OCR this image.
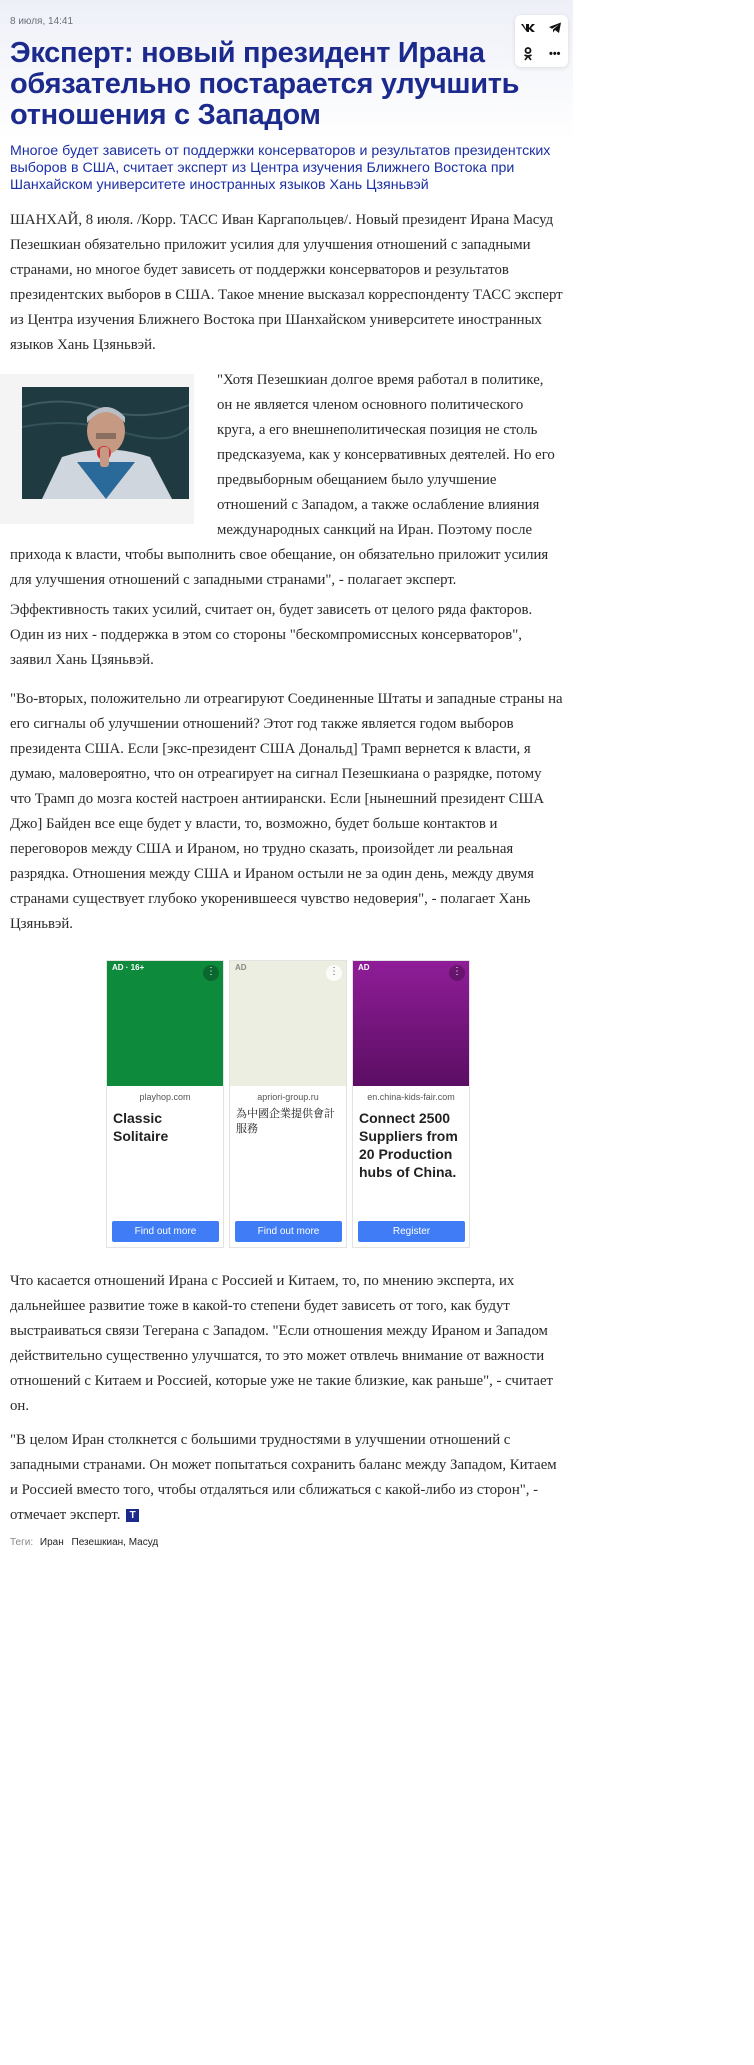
8 июля, 14:41
•••
Эксперт: новый президент Ирана обязательно постарается улучшить отношения с Западом
Многое будет зависеть от поддержки консерваторов и результатов президентских выборов в США, считает эксперт из Центра изучения Ближнего Востока при Шанхайском университете иностранных языков Хань Цзяньвэй
ШАНХАЙ, 8 июля. /Корр. ТАСС Иван Каргапольцев/. Новый президент Ирана Масуд Пезешкиан обязательно приложит усилия для улучшения отношений с западными странами, но многое будет зависеть от поддержки консерваторов и результатов президентских выборов в США. Такое мнение высказал корреспонденту ТАСС эксперт из Центра изучения Ближнего Востока при Шанхайском университете иностранных языков Хань Цзяньвэй.
"Хотя Пезешкиан долгое время работал в политике, он не является членом основного политического круга, а его внешнеполитическая позиция не столь предсказуема, как у консервативных деятелей. Но его предвыборным обещанием было улучшение отношений с Западом, а также ослабление влияния международных санкций на Иран. Поэтому после
прихода к власти, чтобы выполнить свое обещание, он обязательно приложит усилия для улучшения отношений с западными странами", - полагает эксперт.
Эффективность таких усилий, считает он, будет зависеть от целого ряда факторов. Один из них - поддержка в этом со стороны "бескомпромиссных консерваторов", заявил Хань Цзяньвэй.
"Во-вторых, положительно ли отреагируют Соединенные Штаты и западные страны на его сигналы об улучшении отношений? Этот год также является годом выборов президента США. Если [экс-президент США Дональд] Трамп вернется к власти, я думаю, маловероятно, что он отреагирует на сигнал Пезешкиана о разрядке, потому что Трамп до мозга костей настроен антиирански. Если [нынешний президент США Джо] Байден все еще будет у власти, то, возможно, будет больше контактов и переговоров между США и Ираном, но трудно сказать, произойдет ли реальная разрядка. Отношения между США и Ираном остыли не за один день, между двумя странами существует глубоко укоренившееся чувство недоверия", - полагает Хань Цзяньвэй.
AD · 16+	⋮
playhop.com
Classic Solitaire
Find out more
AD	⋮
apriori-group.ru
為中國企業提供會計服務
Find out more
AD	⋮
en.china-kids-fair.com
Connect 2500 Suppliers from 20 Production hubs of China.
Register
Что касается отношений Ирана с Россией и Китаем, то, по мнению эксперта, их дальнейшее развитие тоже в какой-то степени будет зависеть от того, как будут выстраиваться связи Тегерана с Западом. "Если отношения между Ираном и Западом действительно существенно улучшатся, то это может отвлечь внимание от важности отношений с Китаем и Россией, которые уже не такие близкие, как раньше", - считает он.
"В целом Иран столкнется с большими трудностями в улучшении отношений с западными странами. Он может попытаться сохранить баланс между Западом, Китаем и Россией вместо того, чтобы отдаляться или сближаться с какой-либо из сторон", - отмечает эксперт. T
Теги: Иран Пезешкиан, Масуд
